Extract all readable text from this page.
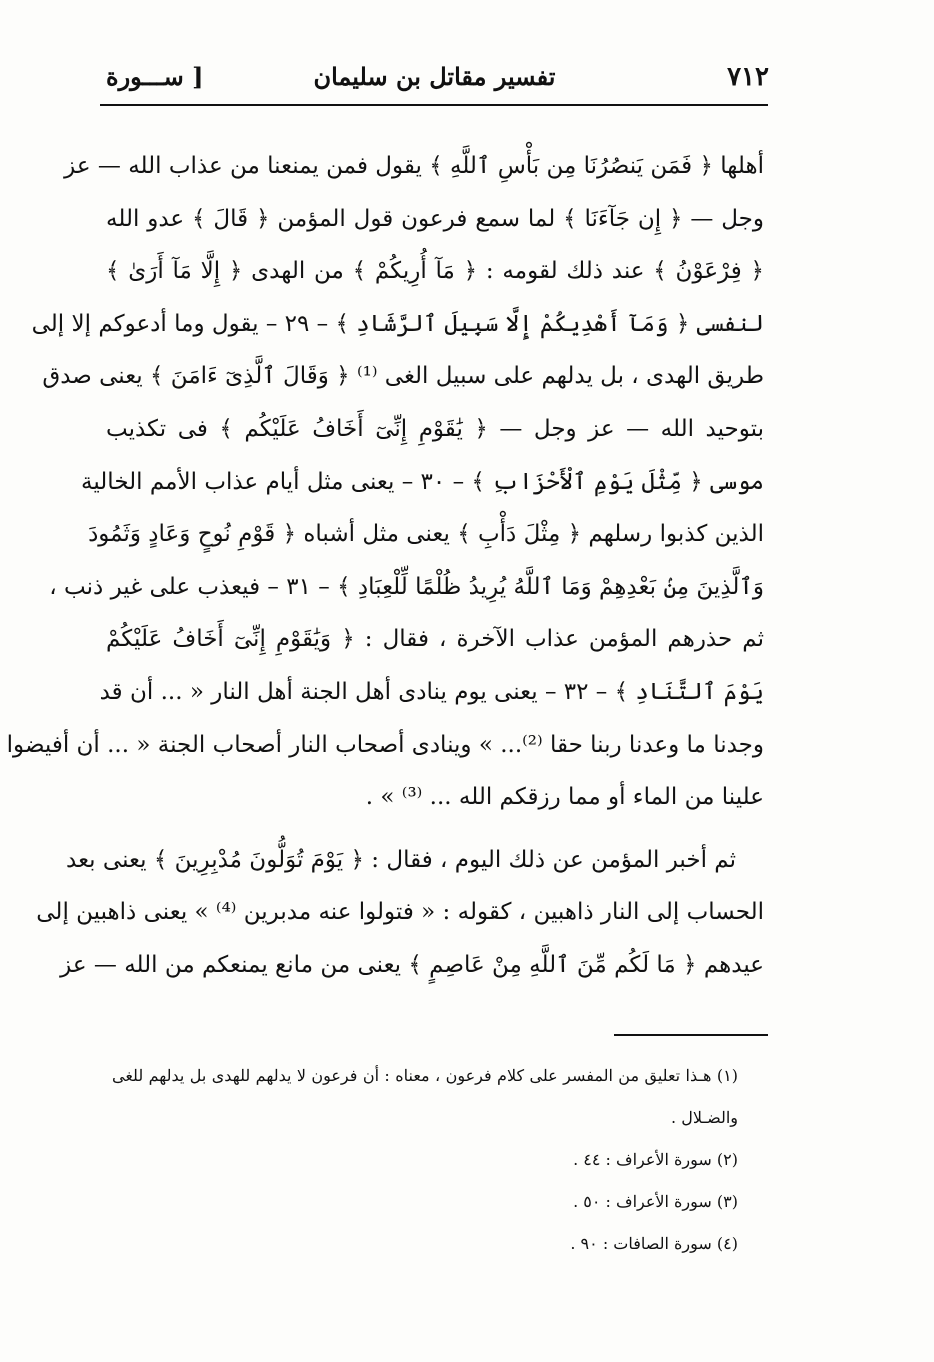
٧١٢
تفسير مقاتل بن سليمان
[ ســـورة
أهلها ﴿ فَمَن يَنصُرُنَا مِن بَأْسِ ٱللَّهِ ﴾ يقول فمن يمنعنا من عذاب الله — عز
وجل — ﴿ إِن جَآءَنَا ﴾ لما سمع فرعون قول المؤمن ﴿ قَالَ ﴾ عدو الله
﴿ فِرْعَوْنُ ﴾ عند ذلك لقومه : ﴿ مَآ أُرِيكُمْ ﴾ من الهدى ﴿ إِلَّا مَآ أَرَىٰ ﴾
لنفسى ﴿ وَمَآ أَهْدِيكُمْ إِلَّا سَبِيلَ ٱلرَّشَادِ ﴾ – ٢٩ – يقول وما أدعوكم إلا إلى
طريق الهدى ، بل يدلهم على سبيل الغى ⁽¹⁾ ﴿ وَقَالَ ٱلَّذِىٓ ءَامَنَ ﴾ يعنى صدق
بتوحيد الله — عز وجل — ﴿ يَٰقَوْمِ إِنِّىٓ أَخَافُ عَلَيْكُم ﴾ فى تكذيب
موسى ﴿ مِّثْلَ يَوْمِ ٱلْأَحْزَابِ ﴾ – ٣٠ – يعنى مثل أيام عذاب الأمم الخالية
الذين كذبوا رسلهم ﴿ مِثْلَ دَأْبِ ﴾ يعنى مثل أشباه ﴿ قَوْمِ نُوحٍ وَعَادٍ وَثَمُودَ
وَٱلَّذِينَ مِنۢ بَعْدِهِمْ وَمَا ٱللَّهُ يُرِيدُ ظُلْمًا لِّلْعِبَادِ ﴾ – ٣١ – فيعذب على غير ذنب ،
ثم حذرهم المؤمن عذاب الآخرة ، فقال : ﴿ وَيَٰقَوْمِ إِنِّىٓ أَخَافُ عَلَيْكُمْ
يَوْمَ ٱلتَّنَادِ ﴾ – ٣٢ – يعنى يوم ينادى أهل الجنة أهل النار « ... أن قد
وجدنا ما وعدنا ربنا حقا ⁽²⁾... » وينادى أصحاب النار أصحاب الجنة « ... أن أفيضوا
علينا من الماء أو مما رزقكم الله ... ⁽³⁾ » .
ثم أخبر المؤمن عن ذلك اليوم ، فقال : ﴿ يَوْمَ تُوَلُّونَ مُدْبِرِينَ ﴾ يعنى بعد
الحساب إلى النار ذاهبين ، كقوله : « فتولوا عنه مدبرين ⁽⁴⁾ » يعنى ذاهبين إلى
عيدهم ﴿ مَا لَكُم مِّنَ ٱللَّهِ مِنْ عَاصِمٍ ﴾ يعنى من مانع يمنعكم من الله — عز
(١) هـذا تعليق من المفسر على كلام فرعون ، معناه : أن فرعون لا يدلهم للهدى بل يدلهم للغى
والضـلال .
(٢) سورة الأعراف : ٤٤ .
(٣) سورة الأعراف : ٥٠ .
(٤) سورة الصافات : ٩٠ .
